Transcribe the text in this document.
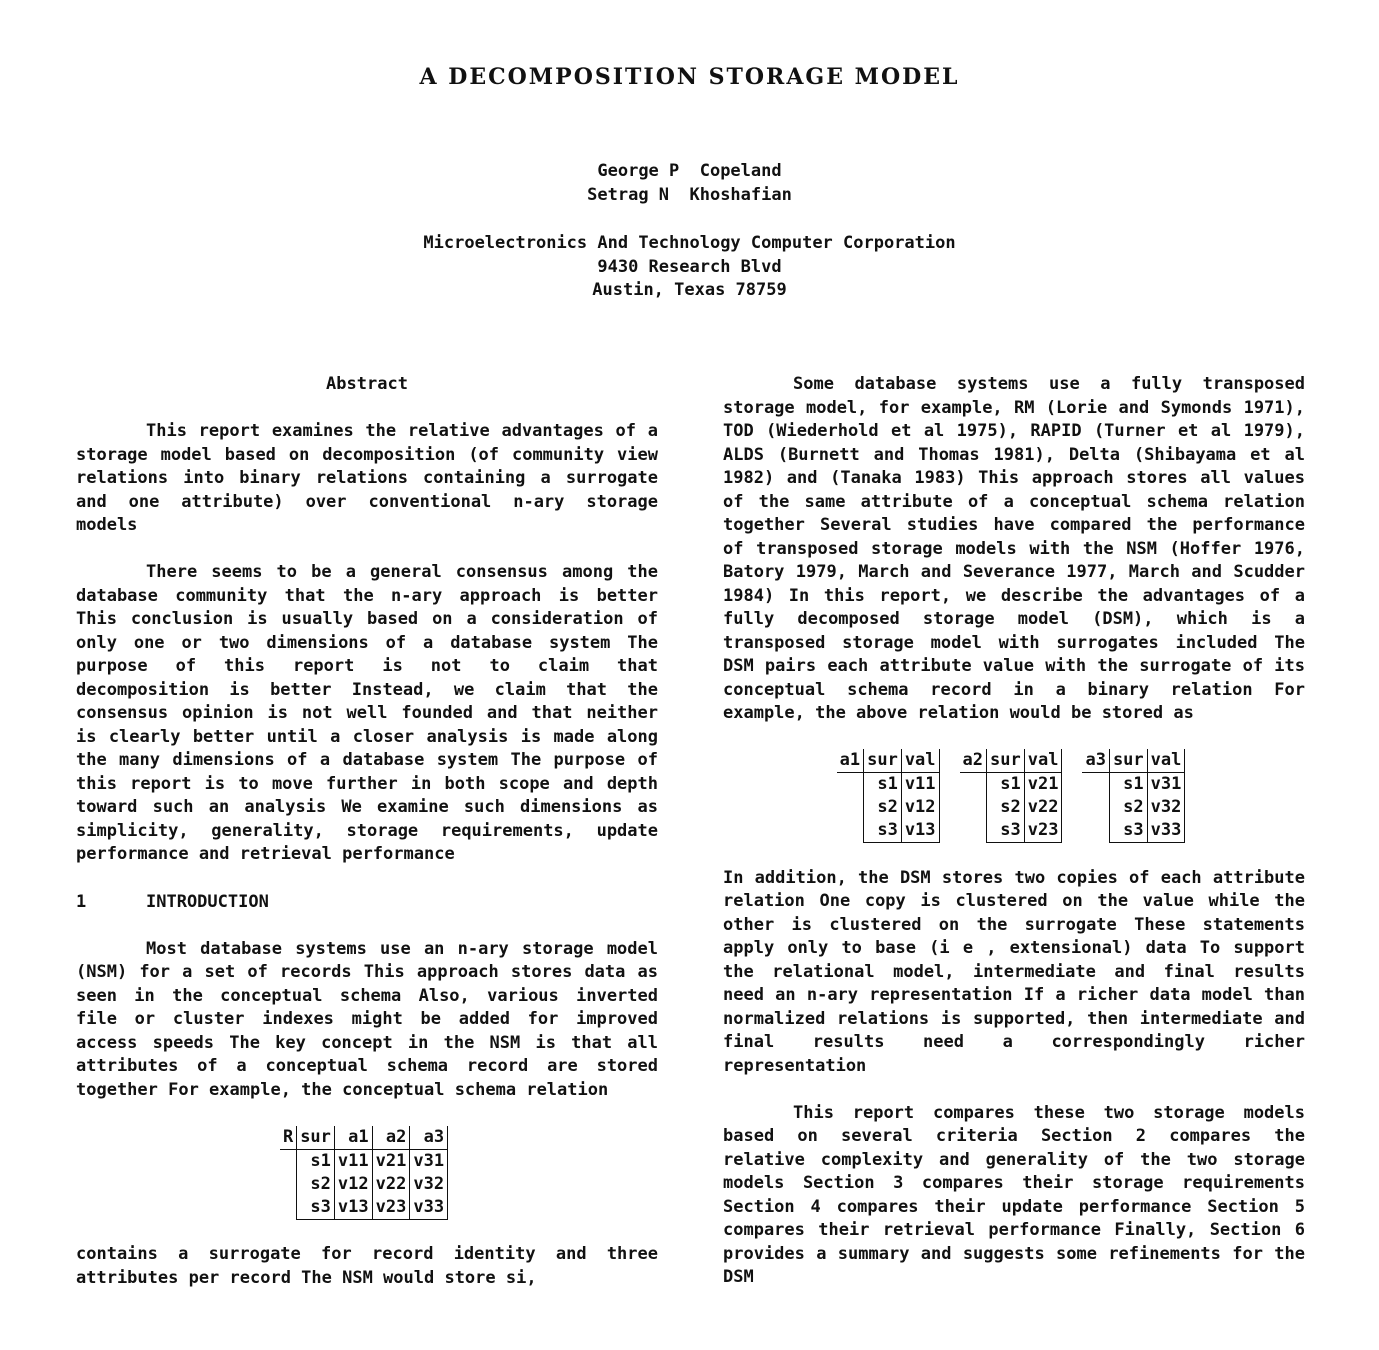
A DECOMPOSITION STORAGE MODEL
George P  Copeland
Setrag N  Khoshafian
Microelectronics And Technology Computer Corporation
9430 Research Blvd
Austin, Texas 78759
Abstract

This report examines the relative advantages of a storage model based on decomposition (of community view relations into binary relations containing a surrogate and one attribute) over conventional n-ary storage models

There seems to be a general consensus among the database community that the n-ary approach is better This conclusion is usually based on a consideration of only one or two dimensions of a database system The purpose of this report is not to claim that decomposition is better Instead, we claim that the consensus opinion is not well founded and that neither is clearly better until a closer analysis is made along the many dimensions of a database system The purpose of this report is to move further in both scope and depth toward such an analysis We examine such dimensions as simplicity, generality, storage requirements, update performance and retrieval performance

1	INTRODUCTION

Most database systems use an n-ary storage model (NSM) for a set of records This approach stores data as seen in the conceptual schema Also, various inverted file or cluster indexes might be added for improved access speeds The key concept in the NSM is that all attributes of a conceptual schema record are stored together For example, the conceptual schema relation

R	sur	a1	a2	a3	
	s1	v11	v21	v31	
	s2	v12	v22	v32	
	s3	v13	v23	v33	

contains a surrogate for record identity and three attributes per record The NSM would store si,

Some database systems use a fully transposed storage model, for example, RM (Lorie and Symonds 1971), TOD (Wiederhold et al 1975), RAPID (Turner et al 1979), ALDS (Burnett and Thomas 1981), Delta (Shibayama et al 1982) and (Tanaka 1983) This approach stores all values of the same attribute of a conceptual schema relation together Several studies have compared the performance of transposed storage models with the NSM (Hoffer 1976, Batory 1979, March and Severance 1977, March and Scudder 1984) In this report, we describe the advantages of a fully decomposed storage model (DSM), which is a transposed storage model with surrogates included The DSM pairs each attribute value with the surrogate of its conceptual schema record in a binary relation For example, the above relation would be stored as

a1	sur	val	
	s1	v11	
	s2	v12	
	s3	v13	
a2	sur	val	
	s1	v21	
	s2	v22	
	s3	v23	
a3	sur	val	
	s1	v31	
	s2	v32	
	s3	v33	

In addition, the DSM stores two copies of each attribute relation One copy is clustered on the value while the other is clustered on the surrogate These statements apply only to base (i e , extensional) data To support the relational model, intermediate and final results need an n-ary representation If a richer data model than normalized relations is supported, then intermediate and final results need a correspondingly richer representation

This report compares these two storage models based on several criteria Section 2 compares the relative complexity and generality of the two storage models Section 3 compares their storage requirements Section 4 compares their update performance Section 5 compares their retrieval performance Finally, Section 6 provides a summary and suggests some refinements for the DSM
